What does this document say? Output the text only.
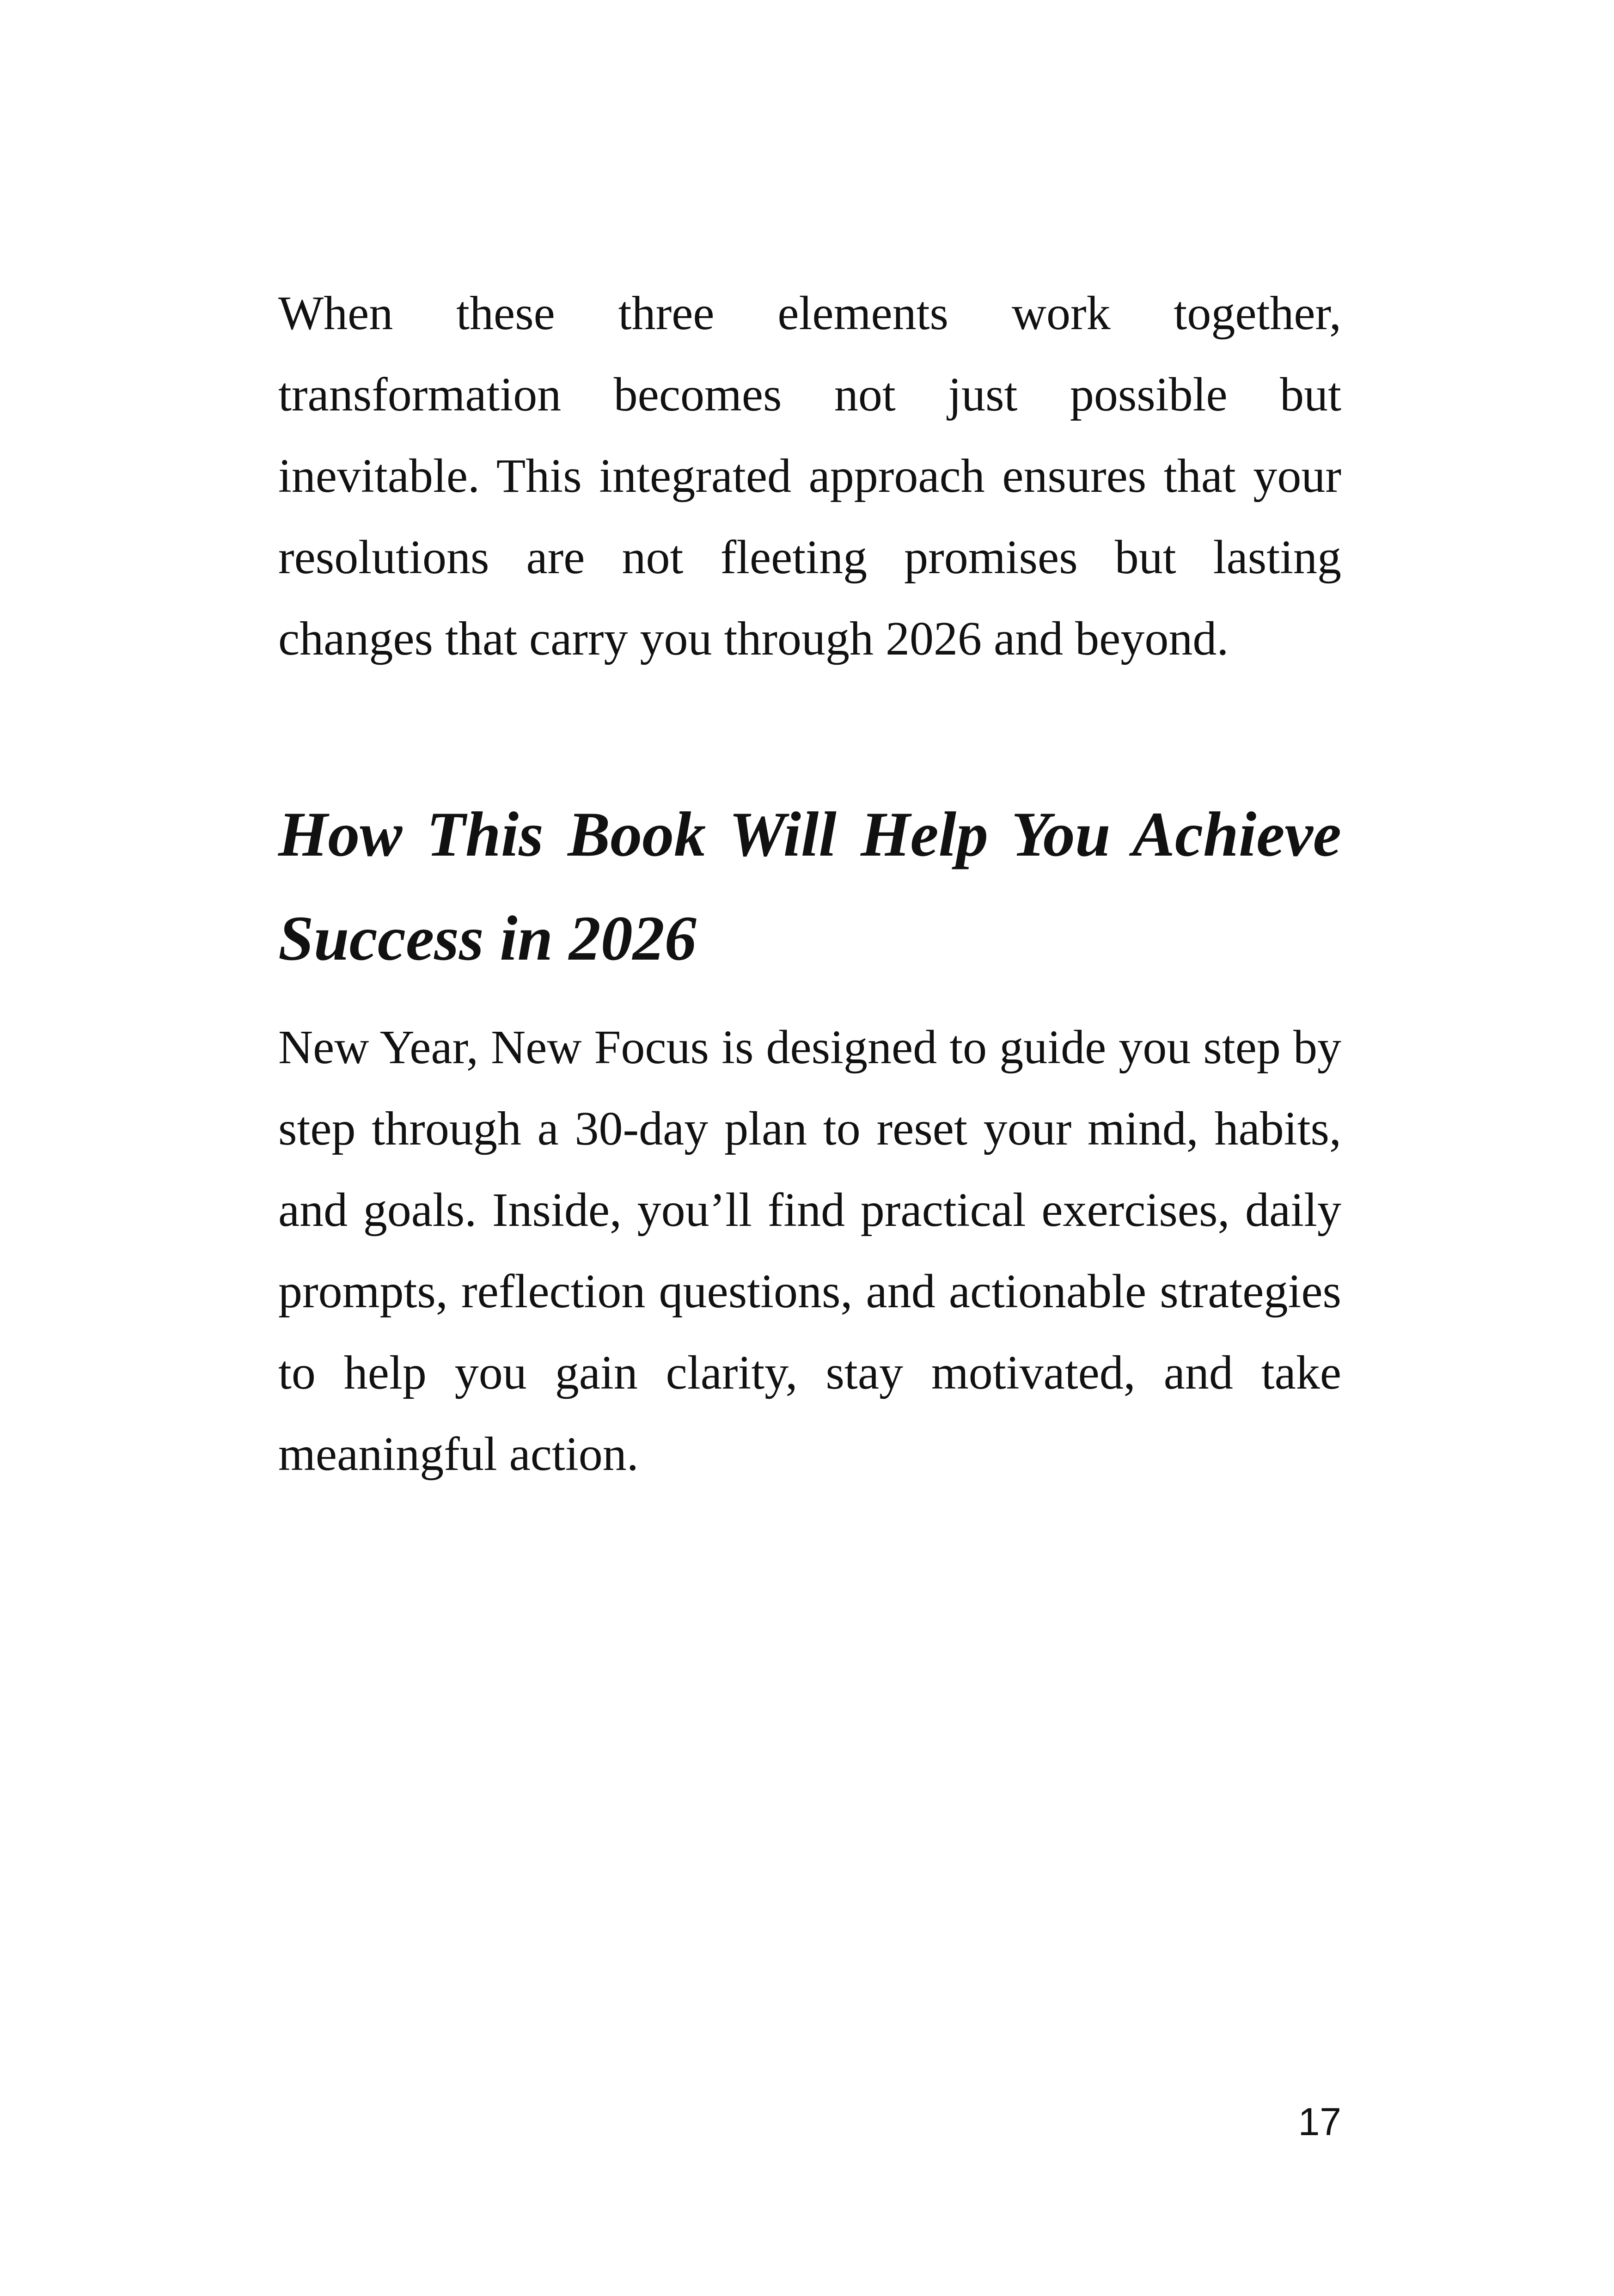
When these three elements work together, transformation becomes not just possible but inevitable. This integrated approach ensures that your resolutions are not fleeting promises but lasting changes that carry you through 2026 and beyond.

How This Book Will Help You Achieve Success in 2026

New Year, New Focus is designed to guide you step by step through a 30-day plan to reset your mind, habits, and goals. Inside, you’ll find practical exercises, daily prompts, reflection questions, and actionable strategies to help you gain clarity, stay motivated, and take meaningful action.

17
